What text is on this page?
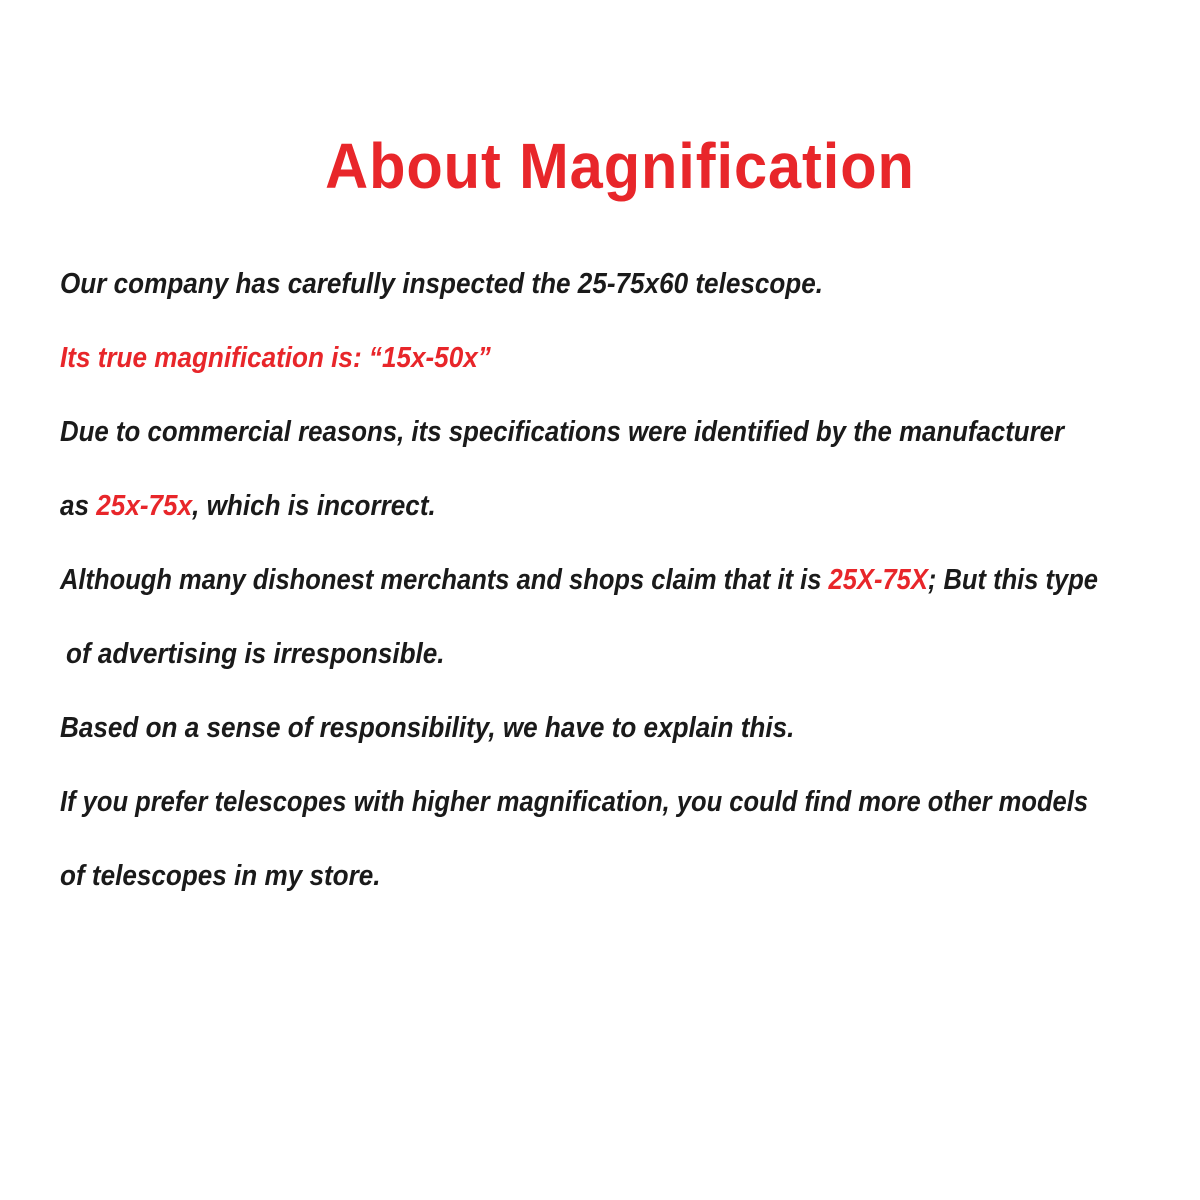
About Magnification
Our company has carefully inspected the 25-75x60 telescope.
Its true magnification is: “15x-50x”
Due to commercial reasons, its specifications were identified by the manufacturer
as 25x-75x, which is incorrect.
Although many dishonest merchants and shops claim that it is 25X-75X; But this type
of advertising is irresponsible.
Based on a sense of responsibility, we have to explain this.
If you prefer telescopes with higher magnification, you could find more other models
of telescopes in my store.
